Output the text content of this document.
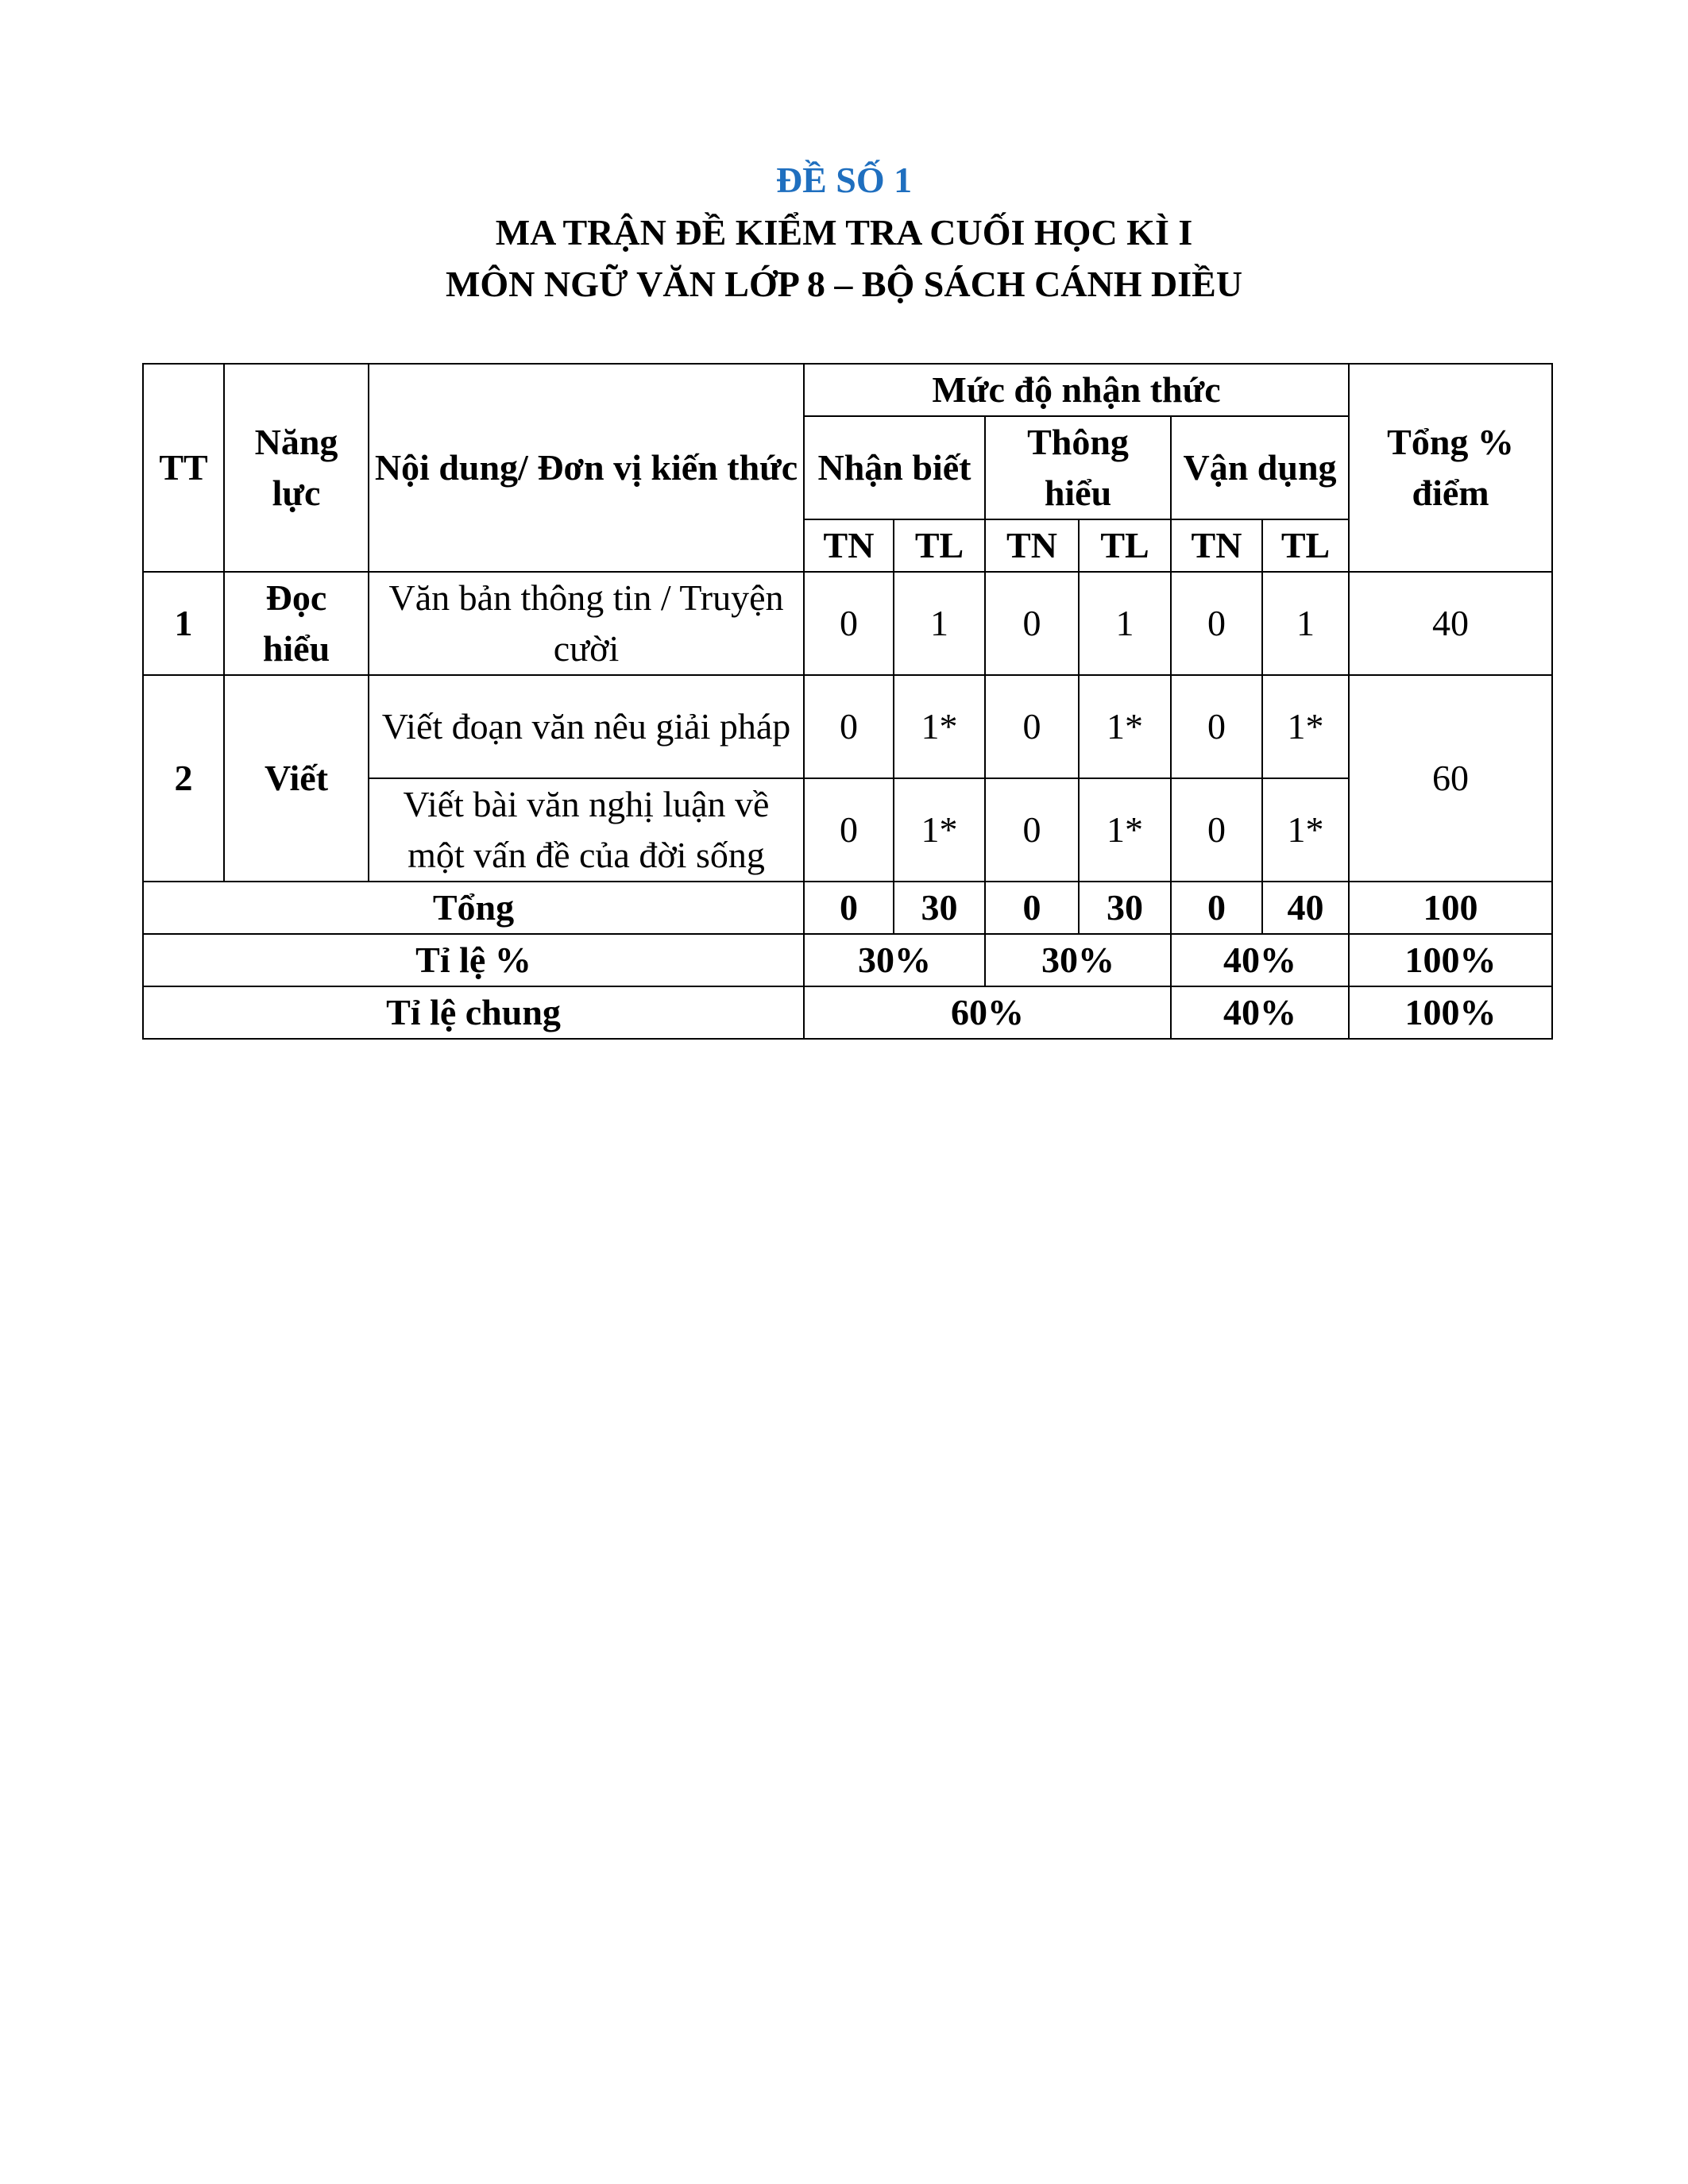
ĐỀ SỐ 1
MA TRẬN ĐỀ KIỂM TRA CUỐI HỌC KÌ I
MÔN NGỮ VĂN LỚP 8 – BỘ SÁCH CÁNH DIỀU
TT	Năng lực	Nội dung/ Đơn vị kiến thức	Mức độ nhận thức						Tổng % điểm
			Nhận biết		Thông hiểu		Vận dụng		
			TN	TL	TN	TL	TN	TL	
1	Đọc hiểu	Văn bản thông tin / Truyện cười	0	1	0	1	0	1	40
2	Viết	Viết đoạn văn nêu giải pháp	0	1*	0	1*	0	1*	60
		Viết bài văn nghị luận về một vấn đề của đời sống	0	1*	0	1*	0	1*	
Tổng			0	30	0	30	0	40	100
Tỉ lệ %			30%		30%		40%		100%
Tỉ lệ chung			60%				40%		100%
